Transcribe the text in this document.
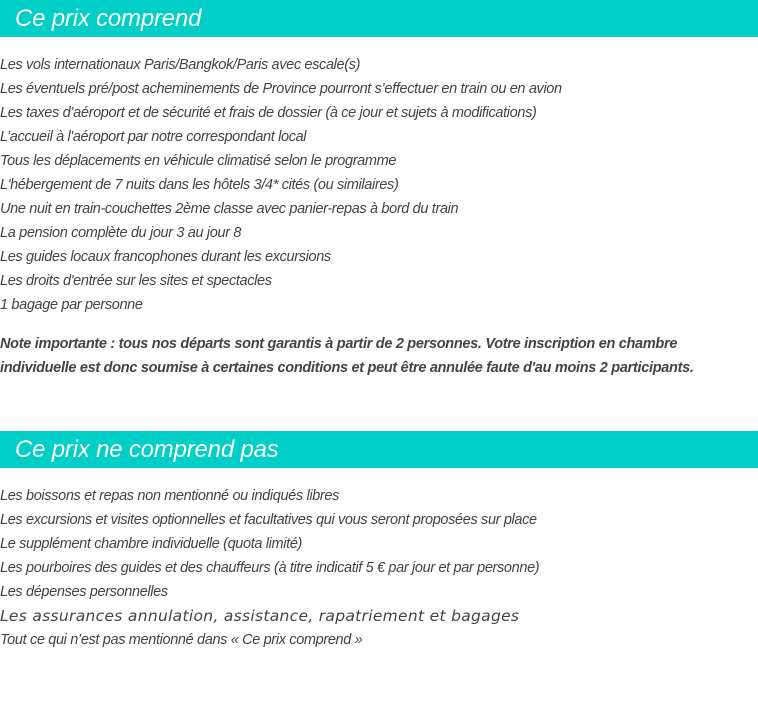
Ce prix comprend
Les vols internationaux Paris/Bangkok/Paris avec escale(s)
Les éventuels pré/post acheminements de Province pourront s’effectuer en train ou en avion
Les taxes d’aéroport et de sécurité et frais de dossier (à ce jour et sujets à modifications)
L’accueil à l'aéroport par notre correspondant local
Tous les déplacements en véhicule climatisé selon le programme
L'hébergement de 7 nuits dans les hôtels 3/4* cités (ou similaires)
Une nuit en train-couchettes 2ème classe avec panier-repas à bord du train
La pension complète du jour 3 au jour 8
Les guides locaux francophones durant les excursions
Les droits d'entrée sur les sites et spectacles
1 bagage par personne

Note importante : tous nos départs sont garantis à partir de 2 personnes. Votre inscription en chambre individuelle est donc soumise à certaines conditions et peut être annulée faute d'au moins 2 participants.

Ce prix ne comprend pas
Les boissons et repas non mentionné ou indiqués libres
Les excursions et visites optionnelles et facultatives qui vous seront proposées sur place
Le supplément chambre individuelle (quota limité)
Les pourboires des guides et des chauffeurs (à titre indicatif 5 € par jour et par personne)
Les dépenses personnelles
Les assurances annulation, assistance, rapatriement et bagages
Tout ce qui n’est pas mentionné dans « Ce prix comprend »
